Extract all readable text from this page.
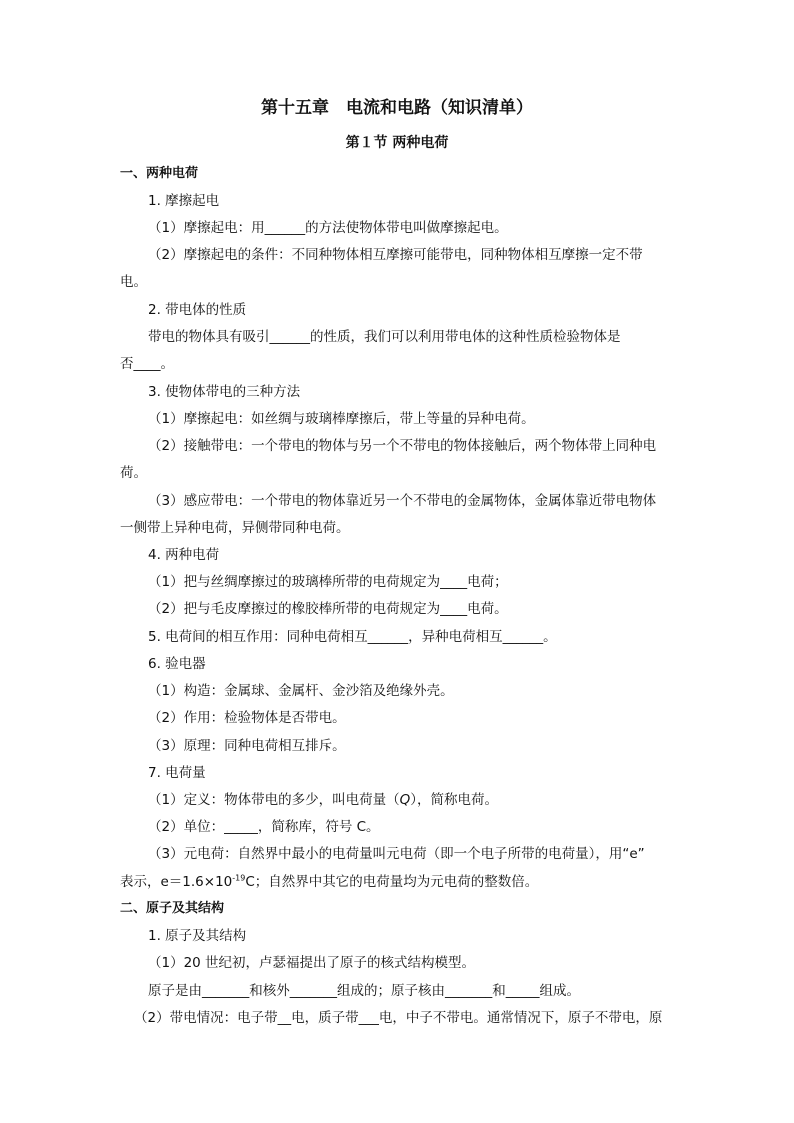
第十五章　电流和电路（知识清单）
第１节 两种电荷
一、两种电荷
1. 摩擦起电
（1）摩擦起电：用______的方法使物体带电叫做摩擦起电。
（2）摩擦起电的条件：不同种物体相互摩擦可能带电，同种物体相互摩擦一定不带
电。
2. 带电体的性质
带电的物体具有吸引______的性质，我们可以利用带电体的这种性质检验物体是
否____。
3. 使物体带电的三种方法
（1）摩擦起电：如丝绸与玻璃棒摩擦后，带上等量的异种电荷。
（2）接触带电：一个带电的物体与另一个不带电的物体接触后，两个物体带上同种电
荷。
（3）感应带电：一个带电的物体靠近另一个不带电的金属物体，金属体靠近带电物体
一侧带上异种电荷，异侧带同种电荷。
4. 两种电荷
（1）把与丝绸摩擦过的玻璃棒所带的电荷规定为____电荷；
（2）把与毛皮摩擦过的橡胶棒所带的电荷规定为____电荷。
5. 电荷间的相互作用：同种电荷相互______，异种电荷相互______。
6. 验电器
（1）构造：金属球、金属杆、金沙箔及绝缘外壳。
（2）作用：检验物体是否带电。
（3）原理：同种电荷相互排斥。
7. 电荷量
（1）定义：物体带电的多少，叫电荷量（Q），简称电荷。
（2）单位：_____，简称库，符号 C。
（3）元电荷：自然界中最小的电荷量叫元电荷（即一个电子所带的电荷量），用“e”
表示，$e=1.6\times 10^{-19}C$；自然界中其它的电荷量均为元电荷的整数倍。
二、原子及其结构
1. 原子及其结构
（1）20 世纪初，卢瑟福提出了原子的核式结构模型。
原子是由_______和核外_______组成的；原子核由_______和_____组成。
（2）带电情况：电子带__电，质子带___电，中子不带电。通常情况下，原子不带电，原
